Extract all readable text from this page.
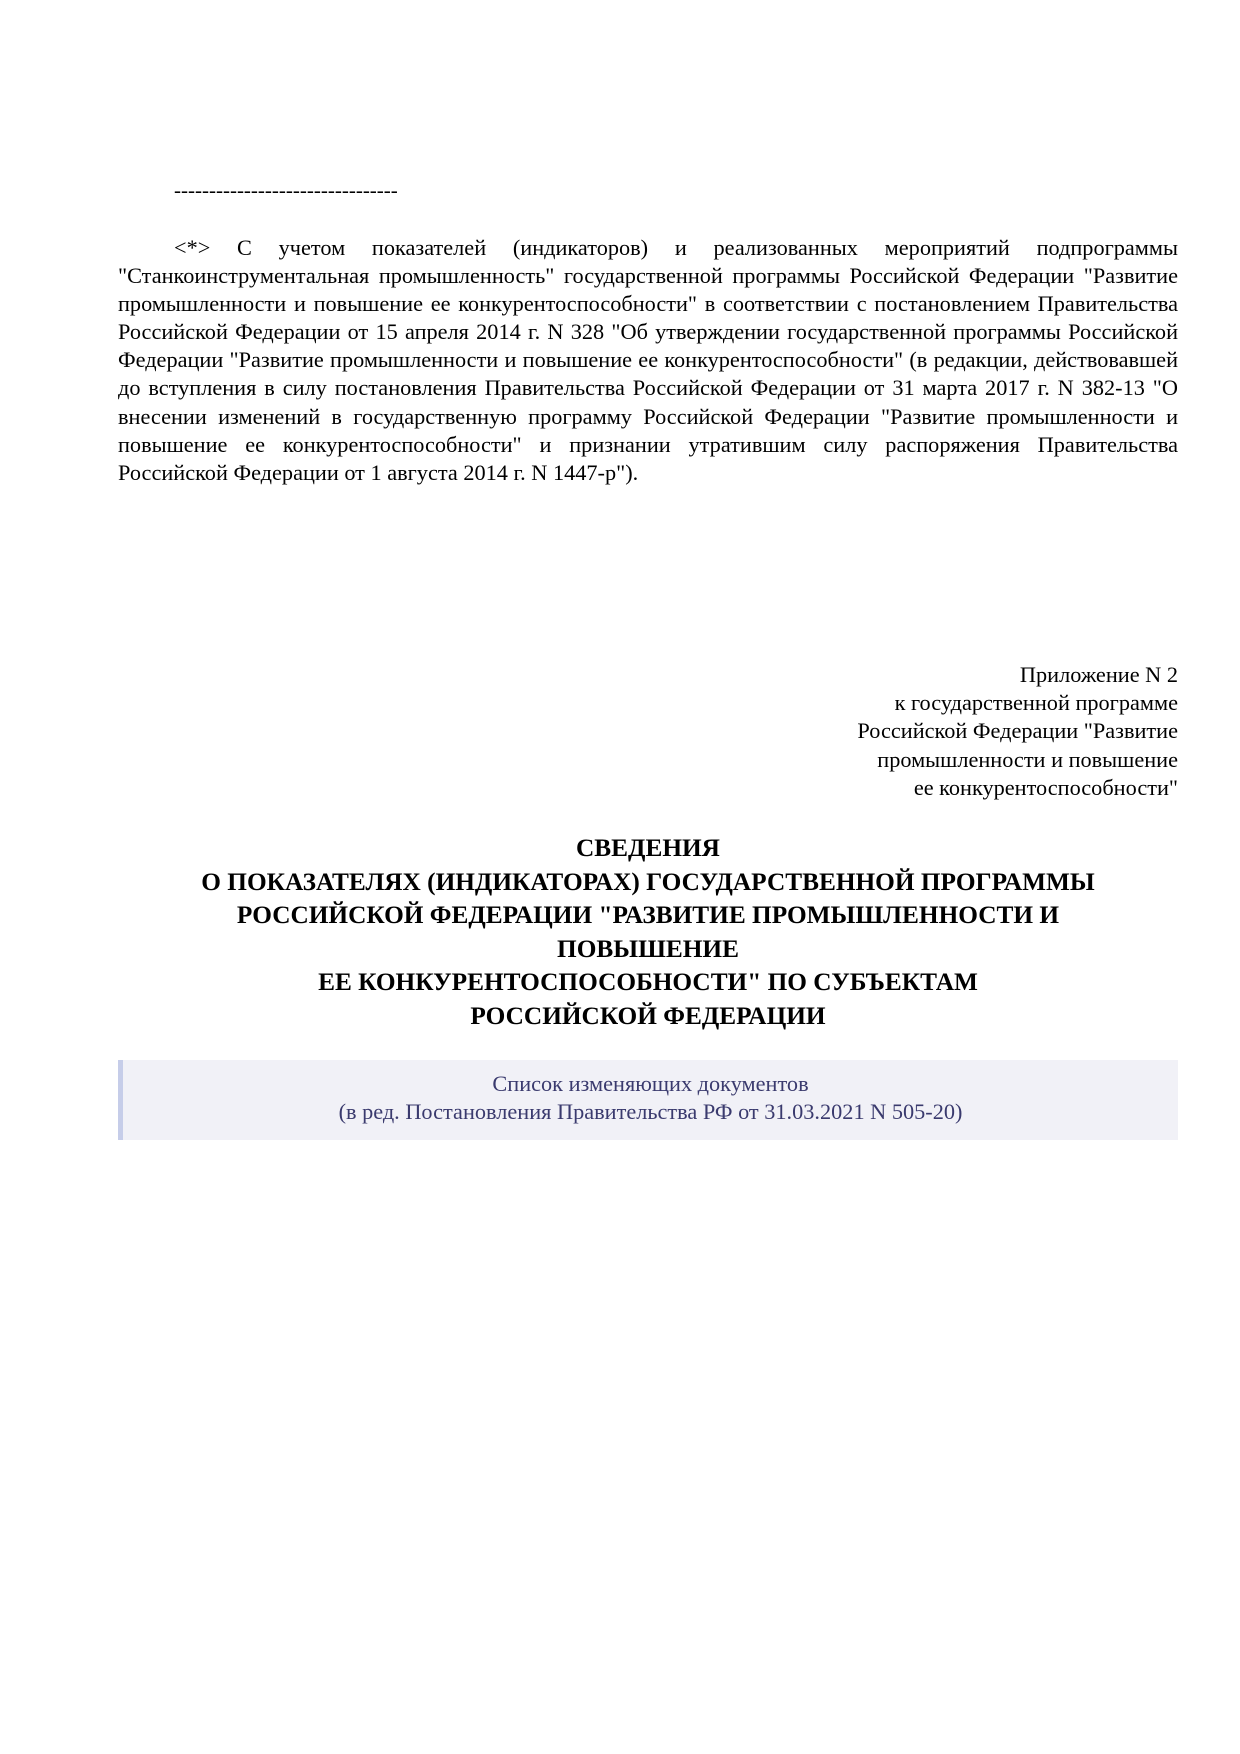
--------------------------------

<*> С учетом показателей (индикаторов) и реализованных мероприятий подпрограммы "Станкоинструментальная промышленность" государственной программы Российской Федерации "Развитие промышленности и повышение ее конкурентоспособности" в соответствии с постановлением Правительства Российской Федерации от 15 апреля 2014 г. N 328 "Об утверждении государственной программы Российской Федерации "Развитие промышленности и повышение ее конкурентоспособности" (в редакции, действовавшей до вступления в силу постановления Правительства Российской Федерации от 31 марта 2017 г. N 382-13 "О внесении изменений в государственную программу Российской Федерации "Развитие промышленности и повышение ее конкурентоспособности" и признании утратившим силу распоряжения Правительства Российской Федерации от 1 августа 2014 г. N 1447-р").

Приложение N 2
к государственной программе
Российской Федерации "Развитие
промышленности и повышение
ее конкурентоспособности"
СВЕДЕНИЯ
О ПОКАЗАТЕЛЯХ (ИНДИКАТОРАХ) ГОСУДАРСТВЕННОЙ ПРОГРАММЫ
РОССИЙСКОЙ ФЕДЕРАЦИИ "РАЗВИТИЕ ПРОМЫШЛЕННОСТИ И
ПОВЫШЕНИЕ
ЕЕ КОНКУРЕНТОСПОСОБНОСТИ" ПО СУБЪЕКТАМ
РОССИЙСКОЙ ФЕДЕРАЦИИ
Список изменяющих документов
(в ред. Постановления Правительства РФ от 31.03.2021 N 505-20)
